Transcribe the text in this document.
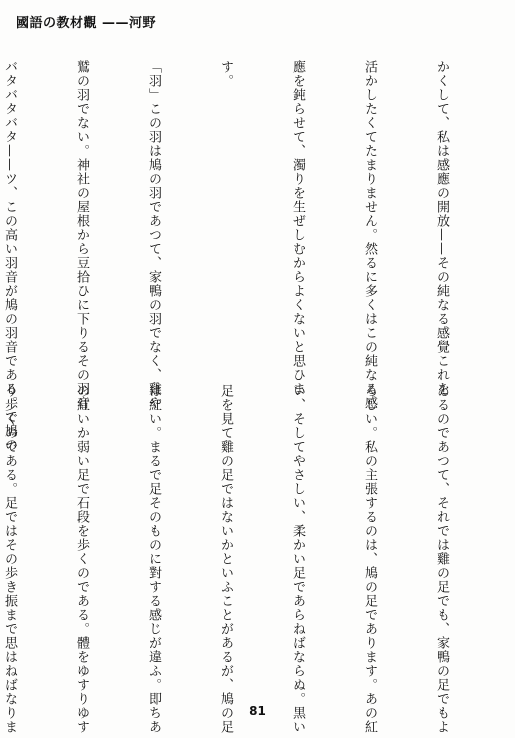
國語の教材觀 ——河野

かくして、私は感應の開放——その純なる感覺これを

活かしたくてたまりません。然るに多くはこの純なる感

應を鈍らせて、濁りを生ぜしむからよくないと思ひま

す。

「羽」この羽は鳩の羽であつて、家鴨の羽でなく、雞や

鷲の羽でない。神社の屋根から豆拾ひに下りるその羽音

バタバタバタ——ツ、この高い羽音が鳩の羽音である。で鳩の

ゐるのであつて、それでは雞の足でも、家鴨の足でもよ

ろしい。私の主張するのは、鳩の足であります。あの紅

い、そしてやさしい、柔かい足であらねばならぬ。黒い

足を見て雞の足ではないかといふことがあるが、鳩の足

は紅い。まるで足そのものに對する感じが違ふ。即ちあ

の紅いか弱い足で石段を歩くのである。體をゆすりゆす

り歩くのである。足ではその歩き振まで思はねばなりま

	81
